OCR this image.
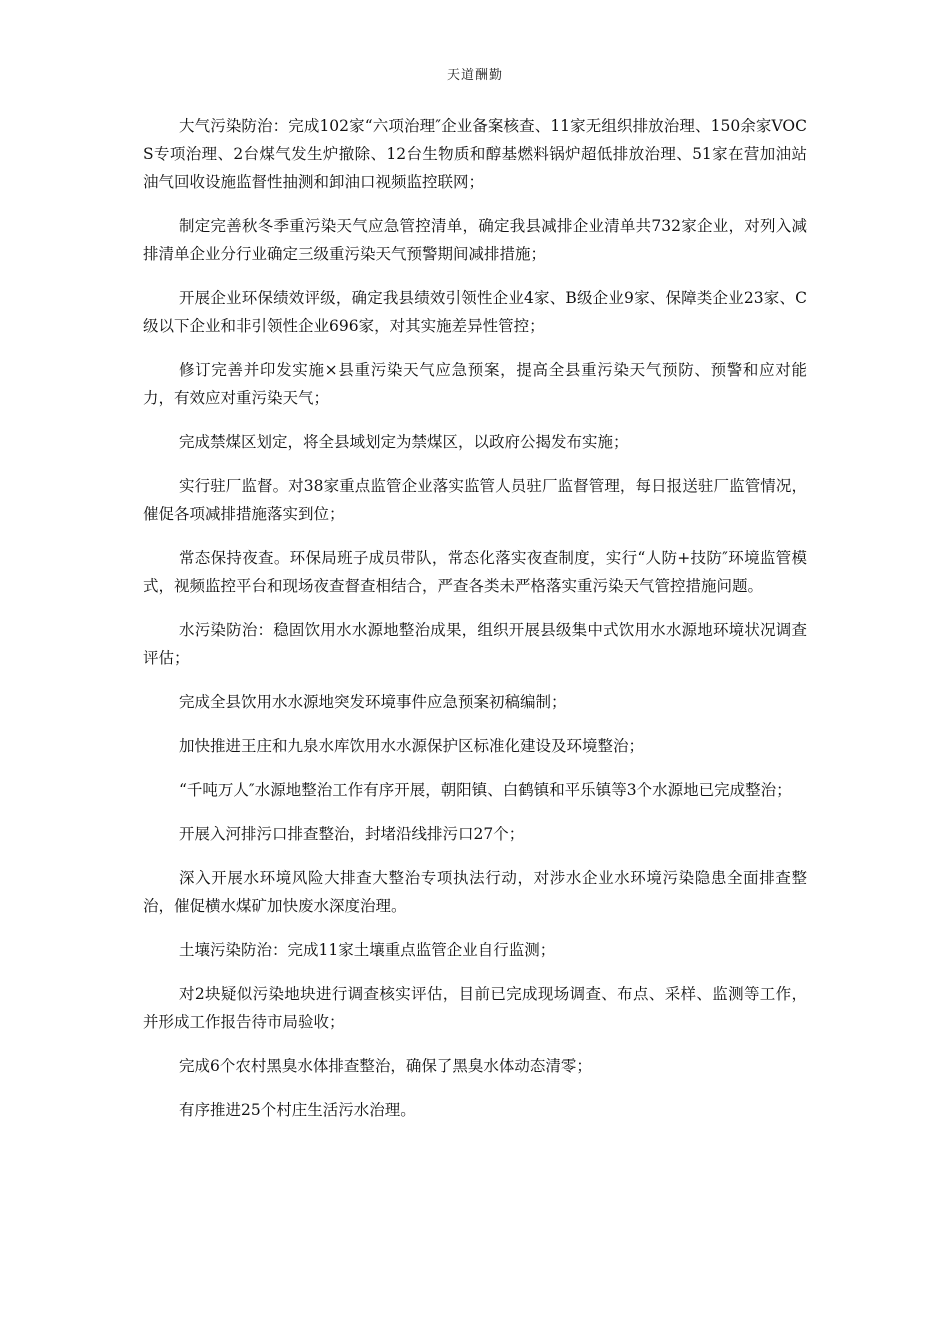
天道酬勤

大气污染防治：完成102家“六项治理″企业备案核查、11家无组织排放治理、150余家VOCS专项治理、2台煤气发生炉撤除、12台生物质和醇基燃料锅炉超低排放治理、51家在营加油站油气回收设施监督性抽测和卸油口视频监控联网；

制定完善秋冬季重污染天气应急管控清单，确定我县减排企业清单共732家企业，对列入减排清单企业分行业确定三级重污染天气预警期间减排措施；

开展企业环保绩效评级，确定我县绩效引领性企业4家、B级企业9家、保障类企业23家、C级以下企业和非引领性企业696家，对其实施差异性管控；

修订完善并印发实施×县重污染天气应急预案，提高全县重污染天气预防、预警和应对能力，有效应对重污染天气；

完成禁煤区划定，将全县域划定为禁煤区，以政府公揭发布实施；

实行驻厂监督。对38家重点监管企业落实监管人员驻厂监督管理，每日报送驻厂监管情况，催促各项减排措施落实到位；

常态保持夜查。环保局班子成员带队，常态化落实夜查制度，实行“人防+技防″环境监管模式，视频监控平台和现场夜查督查相结合，严查各类未严格落实重污染天气管控措施问题。

水污染防治：稳固饮用水水源地整治成果，组织开展县级集中式饮用水水源地环境状况调查评估；

完成全县饮用水水源地突发环境事件应急预案初稿编制；

加快推进王庄和九泉水库饮用水水源保护区标准化建设及环境整治；

“千吨万人″水源地整治工作有序开展，朝阳镇、白鹤镇和平乐镇等3个水源地已完成整治；

开展入河排污口排查整治，封堵沿线排污口27个；

深入开展水环境风险大排查大整治专项执法行动，对涉水企业水环境污染隐患全面排查整治，催促横水煤矿加快废水深度治理。

土壤污染防治：完成11家土壤重点监管企业自行监测；

对2块疑似污染地块进行调查核实评估，目前已完成现场调查、布点、采样、监测等工作，并形成工作报告待市局验收；

完成6个农村黑臭水体排查整治，确保了黑臭水体动态清零；

有序推进25个村庄生活污水治理。
